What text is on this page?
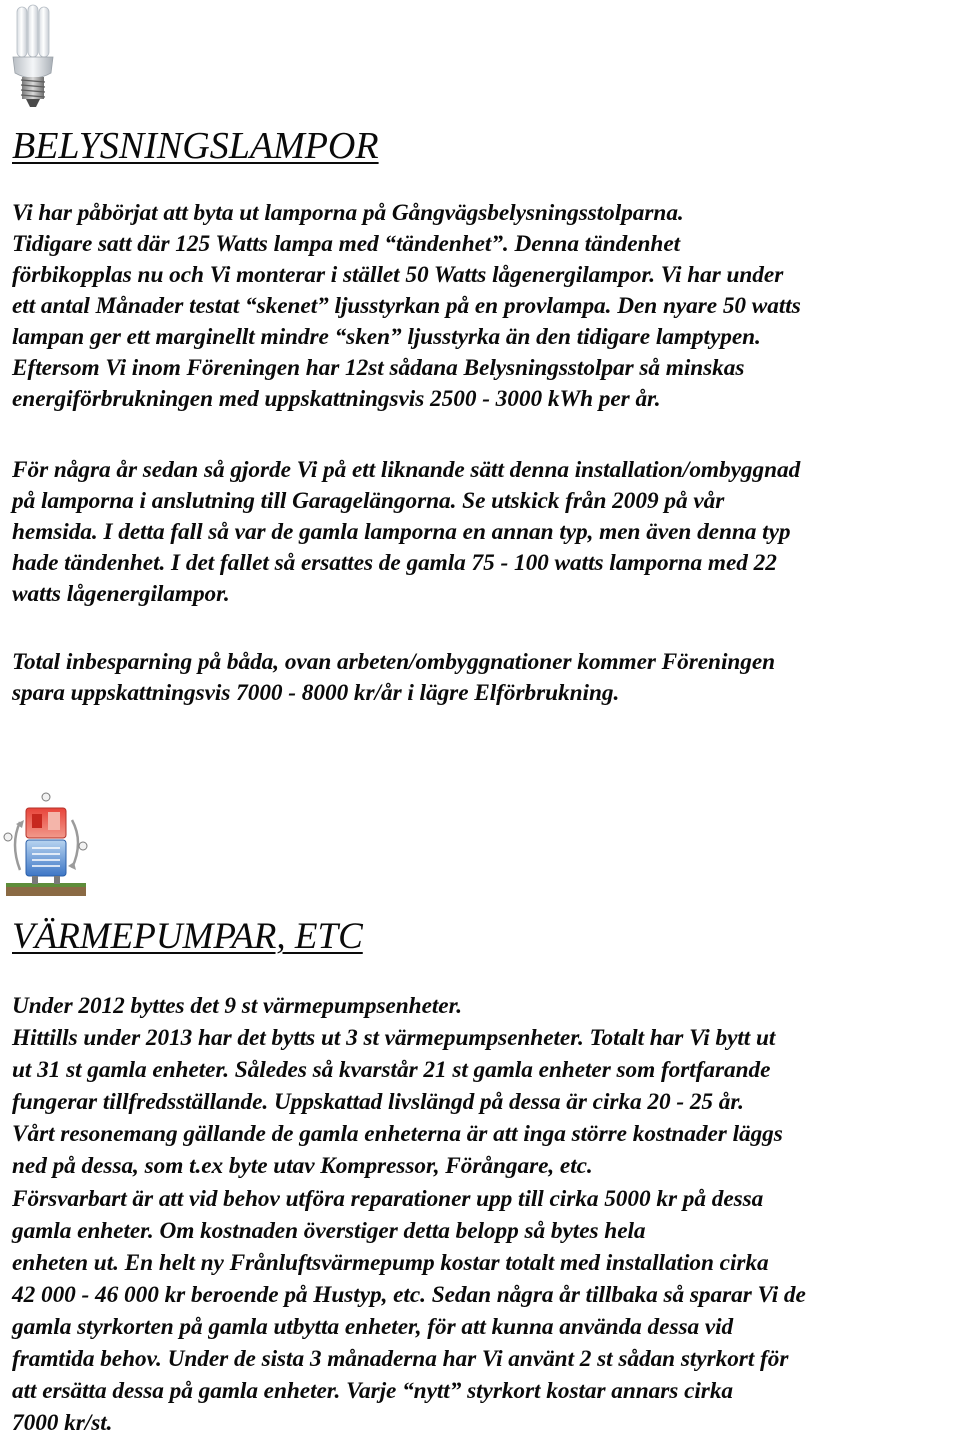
BELYSNINGSLAMPOR

Vi har påbörjat att byta ut lamporna på Gångvägsbelysningsstolparna.
Tidigare satt där 125 Watts lampa med “tändenhet”. Denna tändenhet
förbikopplas nu och Vi monterar i stället 50 Watts lågenergilampor. Vi har under
ett antal Månader testat “skenet” ljusstyrkan på en provlampa. Den nyare 50 watts
lampan ger ett marginellt mindre “sken” ljusstyrka än den tidigare lamptypen.
Eftersom Vi inom Föreningen har 12st sådana Belysningsstolpar så minskas
energiförbrukningen med uppskattningsvis 2500 - 3000 kWh per år.

För några år sedan så gjorde Vi på ett liknande sätt denna installation/ombyggnad
på lamporna i anslutning till Garagelängorna. Se utskick från 2009 på vår
hemsida. I detta fall så var de gamla lamporna en annan typ, men även denna typ
hade tändenhet. I det fallet så ersattes de gamla 75 - 100 watts lamporna med 22
watts lågenergilampor.

Total inbesparning på båda, ovan arbeten/ombyggnationer kommer Föreningen
spara uppskattningsvis 7000 - 8000 kr/år i lägre Elförbrukning.

VÄRMEPUMPAR, ETC

Under 2012 byttes det 9 st värmepumpsenheter.
Hittills under 2013 har det bytts ut 3 st värmepumpsenheter. Totalt har Vi bytt ut
ut 31 st gamla enheter. Således så kvarstår 21 st gamla enheter som fortfarande
fungerar tillfredsställande. Uppskattad livslängd på dessa är cirka 20 - 25 år.
Vårt resonemang gällande de gamla enheterna är att inga större kostnader läggs
ned på dessa, som t.ex byte utav Kompressor, Förångare, etc.
Försvarbart är att vid behov utföra reparationer upp till cirka 5000 kr på dessa
gamla enheter. Om kostnaden överstiger detta belopp så bytes hela
enheten ut. En helt ny Frånluftsvärmepump kostar totalt med installation cirka
42 000 - 46 000 kr beroende på Hustyp, etc. Sedan några år tillbaka så sparar Vi de
gamla styrkorten på gamla utbytta enheter, för att kunna använda dessa vid
framtida behov. Under de sista 3 månaderna har Vi använt 2 st sådan styrkort för
att ersätta dessa på gamla enheter. Varje “nytt” styrkort kostar annars cirka
7000 kr/st.
